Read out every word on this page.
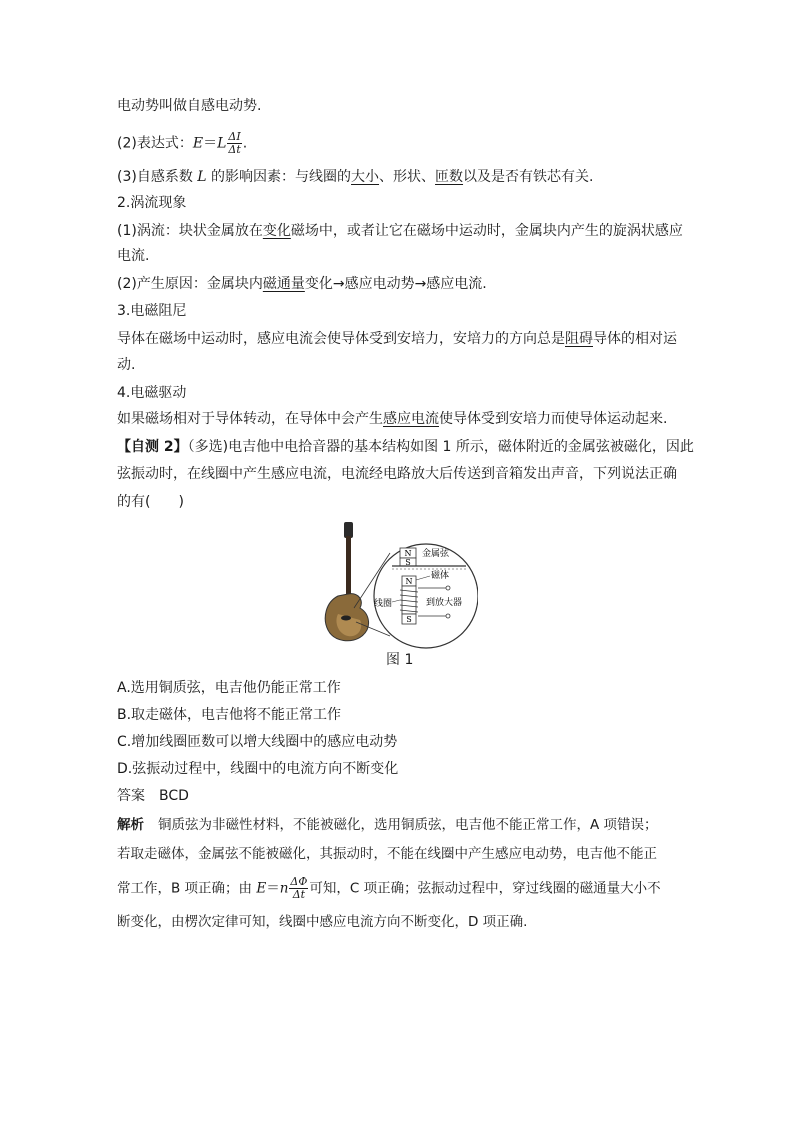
电动势叫做自感电动势.
(2)表达式：$E=L \frac{\Delta I}{\Delta t}$ .
(3)自感系数 L 的影响因素：与线圈的大小、形状、匝数以及是否有铁芯有关.
2.涡流现象
(1)涡流：块状金属放在变化磁场中，或者让它在磁场中运动时，金属块内产生的旋涡状感应
电流.
(2)产生原因：金属块内磁通量变化→感应电动势→感应电流.
3.电磁阻尼
导体在磁场中运动时，感应电流会使导体受到安培力，安培力的方向总是阻碍导体的相对运
动.
4.电磁驱动
如果磁场相对于导体转动，在导体中会产生感应电流使导体受到安培力而使导体运动起来.
【自测 2】（多选)电吉他中电拾音器的基本结构如图 1 所示，磁体附近的金属弦被磁化，因此
弦振动时，在线圈中产生感应电流，电流经电路放大后传送到音箱发出声音，下列说法正确
的有(　　)
N
S
金属弦
N
S
磁体
到放大器
线圈
图 1
A.选用铜质弦，电吉他仍能正常工作
B.取走磁体，电吉他将不能正常工作
C.增加线圈匝数可以增大线圈中的感应电动势
D.弦振动过程中，线圈中的电流方向不断变化
答案 BCD
解析 铜质弦为非磁性材料，不能被磁化，选用铜质弦，电吉他不能正常工作，A 项错误；
若取走磁体，金属弦不能被磁化，其振动时，不能在线圈中产生感应电动势，电吉他不能正
常工作，B 项正确；由 $E=n \frac{\Delta\Phi}{\Delta t}$ 可知，C 项正确；弦振动过程中，穿过线圈的磁通量大小不
断变化，由楞次定律可知，线圈中感应电流方向不断变化，D 项正确.
